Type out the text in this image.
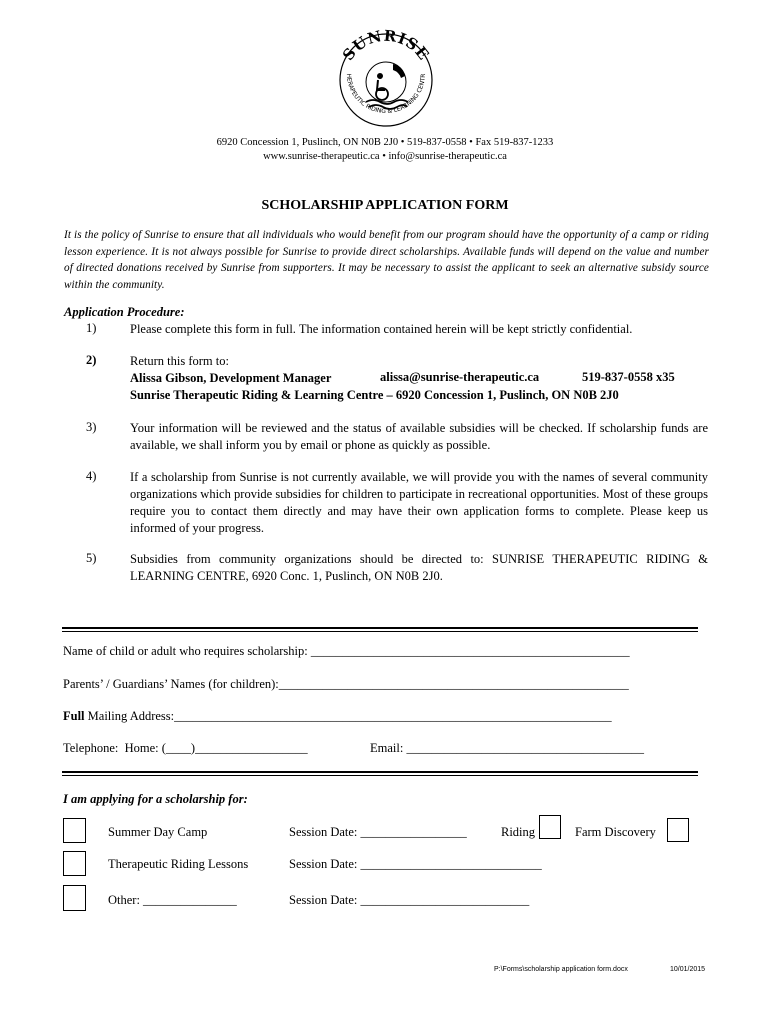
SUNRISE
HERAPEUTIC RIDING & LEARNING CENTR
6920 Concession 1, Puslinch, ON N0B 2J0 • 519-837-0558 • Fax 519-837-1233
www.sunrise-therapeutic.ca • info@sunrise-therapeutic.ca
SCHOLARSHIP APPLICATION FORM
It is the policy of Sunrise to ensure that all individuals who would benefit from our program should have the opportunity of a camp or riding lesson experience. It is not always possible for Sunrise to provide direct scholarships. Available funds will depend on the value and number of directed donations received by Sunrise from supporters. It may be necessary to assist the applicant to seek an alternative subsidy source within the community.
Application Procedure:
1)	Please complete this form in full. The information contained herein will be kept strictly confidential.
2)	Return this form to:
Alissa Gibson, Development Manager	alissa@sunrise-therapeutic.ca	519-837-0558 x35
Sunrise Therapeutic Riding & Learning Centre – 6920 Concession 1, Puslinch, ON N0B 2J0
3)	Your information will be reviewed and the status of available subsidies will be checked. If scholarship funds are available, we shall inform you by email or phone as quickly as possible.
4)	If a scholarship from Sunrise is not currently available, we will provide you with the names of several community organizations which provide subsidies for children to participate in recreational opportunities. Most of these groups require you to contact them directly and may have their own application forms to complete. Please keep us informed of your progress.
5)	Subsidies from community organizations should be directed to: SUNRISE THERAPEUTIC RIDING & LEARNING CENTRE, 6920 Conc. 1, Puslinch, ON N0B 2J0.
Name of child or adult who requires scholarship: ___________________________________________________
Parents’ / Guardians’ Names (for children):________________________________________________________
Full Mailing Address:______________________________________________________________________
Telephone:  Home: (____)__________________	Email: ______________________________________
I am applying for a scholarship for:
Summer Day Camp	Session Date: _________________	Riding	Farm Discovery
Therapeutic Riding Lessons	Session Date: _____________________________
Other: _______________	Session Date: ___________________________
P:\Forms\scholarship application form.docx	10/01/2015
